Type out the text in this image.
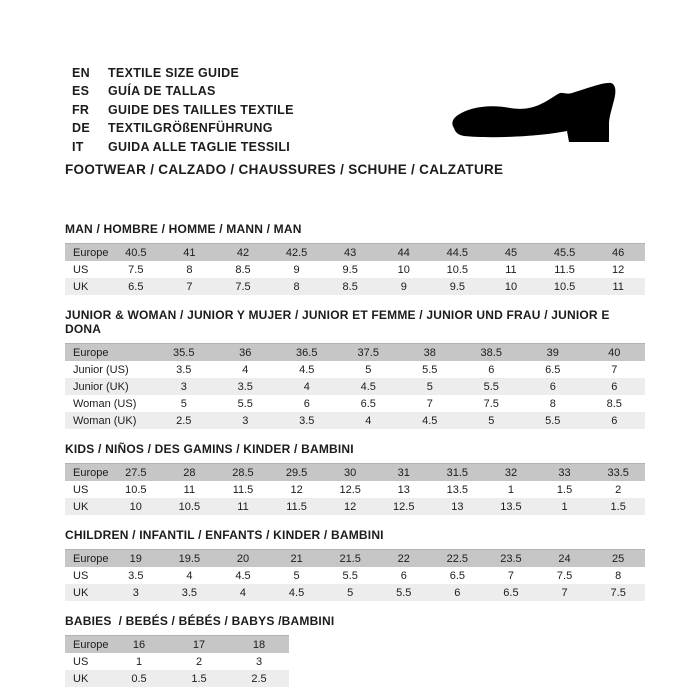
EN	TEXTILE SIZE GUIDE
ES	GUÍA DE TALLAS
FR	GUIDE DES TAILLES TEXTILE
DE	TEXTILGRÖßENFÜHRUNG
IT	GUIDA ALLE TAGLIE TESSILI
FOOTWEAR / CALZADO / CHAUSSURES / SCHUHE / CALZATURE
MAN / HOMBRE / HOMME / MANN / MAN
Europe	40.5	41	42	42.5	43	44	44.5	45	45.5	46
US	7.5	8	8.5	9	9.5	10	10.5	11	11.5	12
UK	6.5	7	7.5	8	8.5	9	9.5	10	10.5	11
JUNIOR & WOMAN / JUNIOR Y MUJER / JUNIOR ET FEMME / JUNIOR UND FRAU / JUNIOR E DONA
Europe	35.5	36	36.5	37.5	38	38.5	39	40
Junior (US)	3.5	4	4.5	5	5.5	6	6.5	7
Junior (UK)	3	3.5	4	4.5	5	5.5	6	6
Woman (US)	5	5.5	6	6.5	7	7.5	8	8.5
Woman (UK)	2.5	3	3.5	4	4.5	5	5.5	6
KIDS / NIÑOS / DES GAMINS / KINDER / BAMBINI
Europe	27.5	28	28.5	29.5	30	31	31.5	32	33	33.5
US	10.5	11	11.5	12	12.5	13	13.5	1	1.5	2
UK	10	10.5	11	11.5	12	12.5	13	13.5	1	1.5
CHILDREN / INFANTIL / ENFANTS / KINDER / BAMBINI
Europe	19	19.5	20	21	21.5	22	22.5	23.5	24	25
US	3.5	4	4.5	5	5.5	6	6.5	7	7.5	8
UK	3	3.5	4	4.5	5	5.5	6	6.5	7	7.5
BABIES  / BEBÉS / BÉBÉS / BABYS /BAMBINI
Europe	16	17	18
US	1	2	3
UK	0.5	1.5	2.5
